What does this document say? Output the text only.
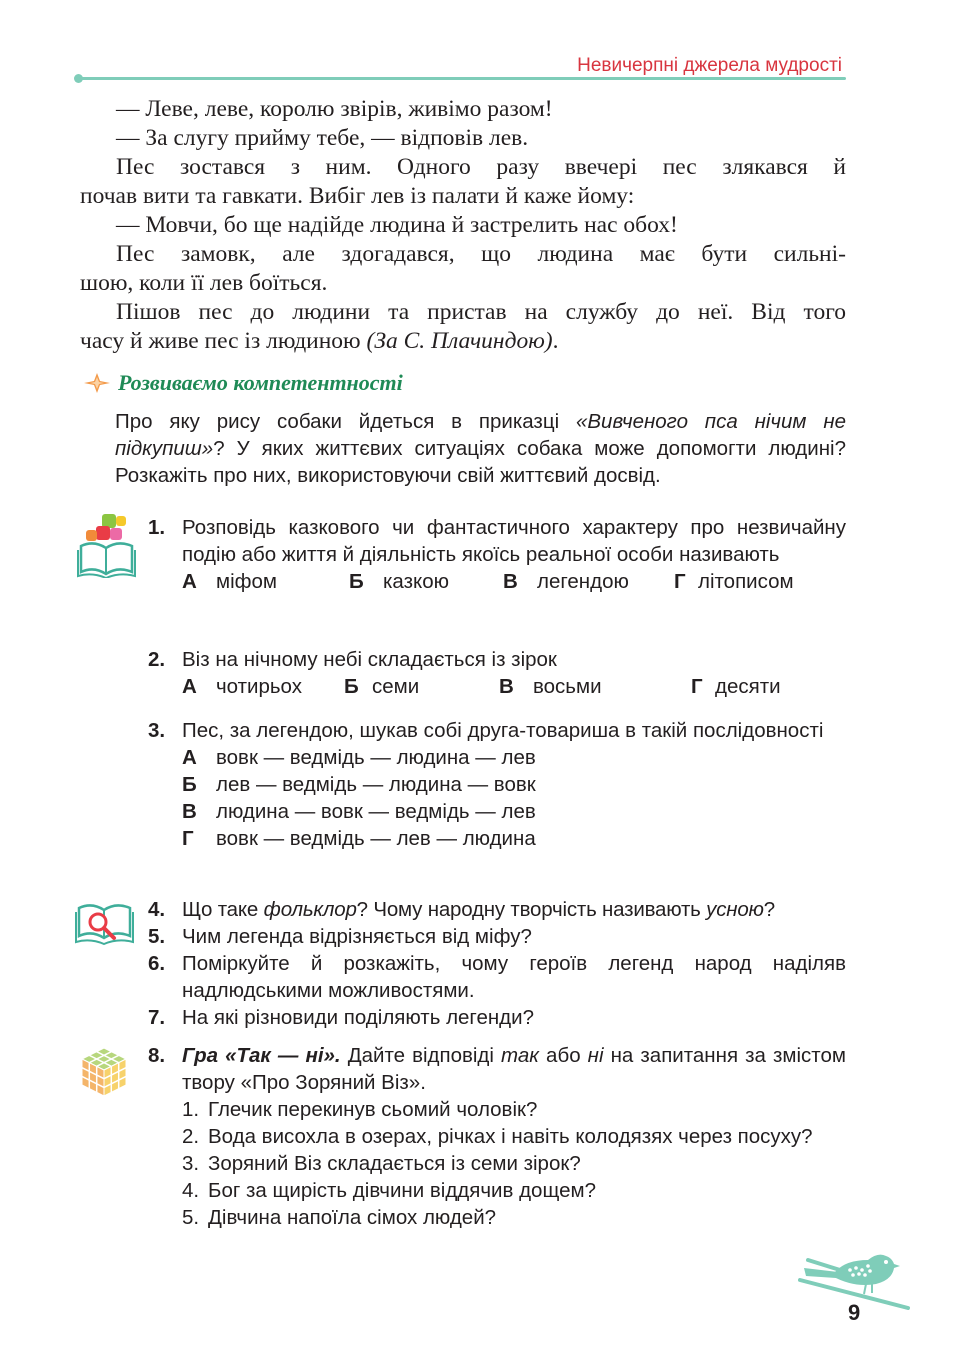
Невичерпні джерела мудрості

— Леве, леве, королю звірів, живімо разом!

— За слугу прийму тебе, — відповів лев.

Пес зостався з ним. Одного разу ввечері пес злякався й

почав вити та гавкати. Вибіг лев із палати й каже йому:

— Мовчи, бо ще надійде людина й застрелить нас обох!

Пес замовк, але здогадався, що людина має бути сильні-

шою, коли її лев боїться.

Пішов пес до людини та пристав на службу до неї. Від того

часу й живе пес із людиною (За С. Плачиндою).

Розвиваємо компетентності
Про яку рису собаки йдеться в приказці «Вивченого пса нічим не підкупиш»? У яких життєвих ситуаціях собака може допомогти людині? Розкажіть про них, використовуючи свій життєвий досвід.
1. Розповідь казкового чи фантастичного характеру про незвичайну подію або життя й діяльність якоїсь реальної особи називають
А міфом	Б казкою	В легендою Г літописом
2. Віз на нічному небі складається із зірок
А чотирьох Б семи	В восьми	Г десяти
3. Пес, за легендою, шукав собі друга-товариша в такій послідовності
А вовк — ведмідь — людина — лев
Б лев — ведмідь — людина — вовк
В людина — вовк — ведмідь — лев
Г	вовк — ведмідь — лев — людина
4. Що таке фольклор? Чому народну творчість називають усною?
5. Чим легенда відрізняється від міфу?
6. Поміркуйте й розкажіть, чому героїв легенд народ наділяв надлюдськими можливостями.
7. На які різновиди поділяють легенди?
8. Гра «Так — ні». Дайте відповіді так або ні на запитання за змістом твору «Про Зоряний Віз».
1. Глечик перекинув сьомий чоловік?
2. Вода висохла в озерах, річках і навіть колодязях через посуху?
3. Зоряний Віз складається із семи зірок?
4. Бог за щирість дівчини віддячив дощем?
5. Дівчина напоїла сімох людей?
9
